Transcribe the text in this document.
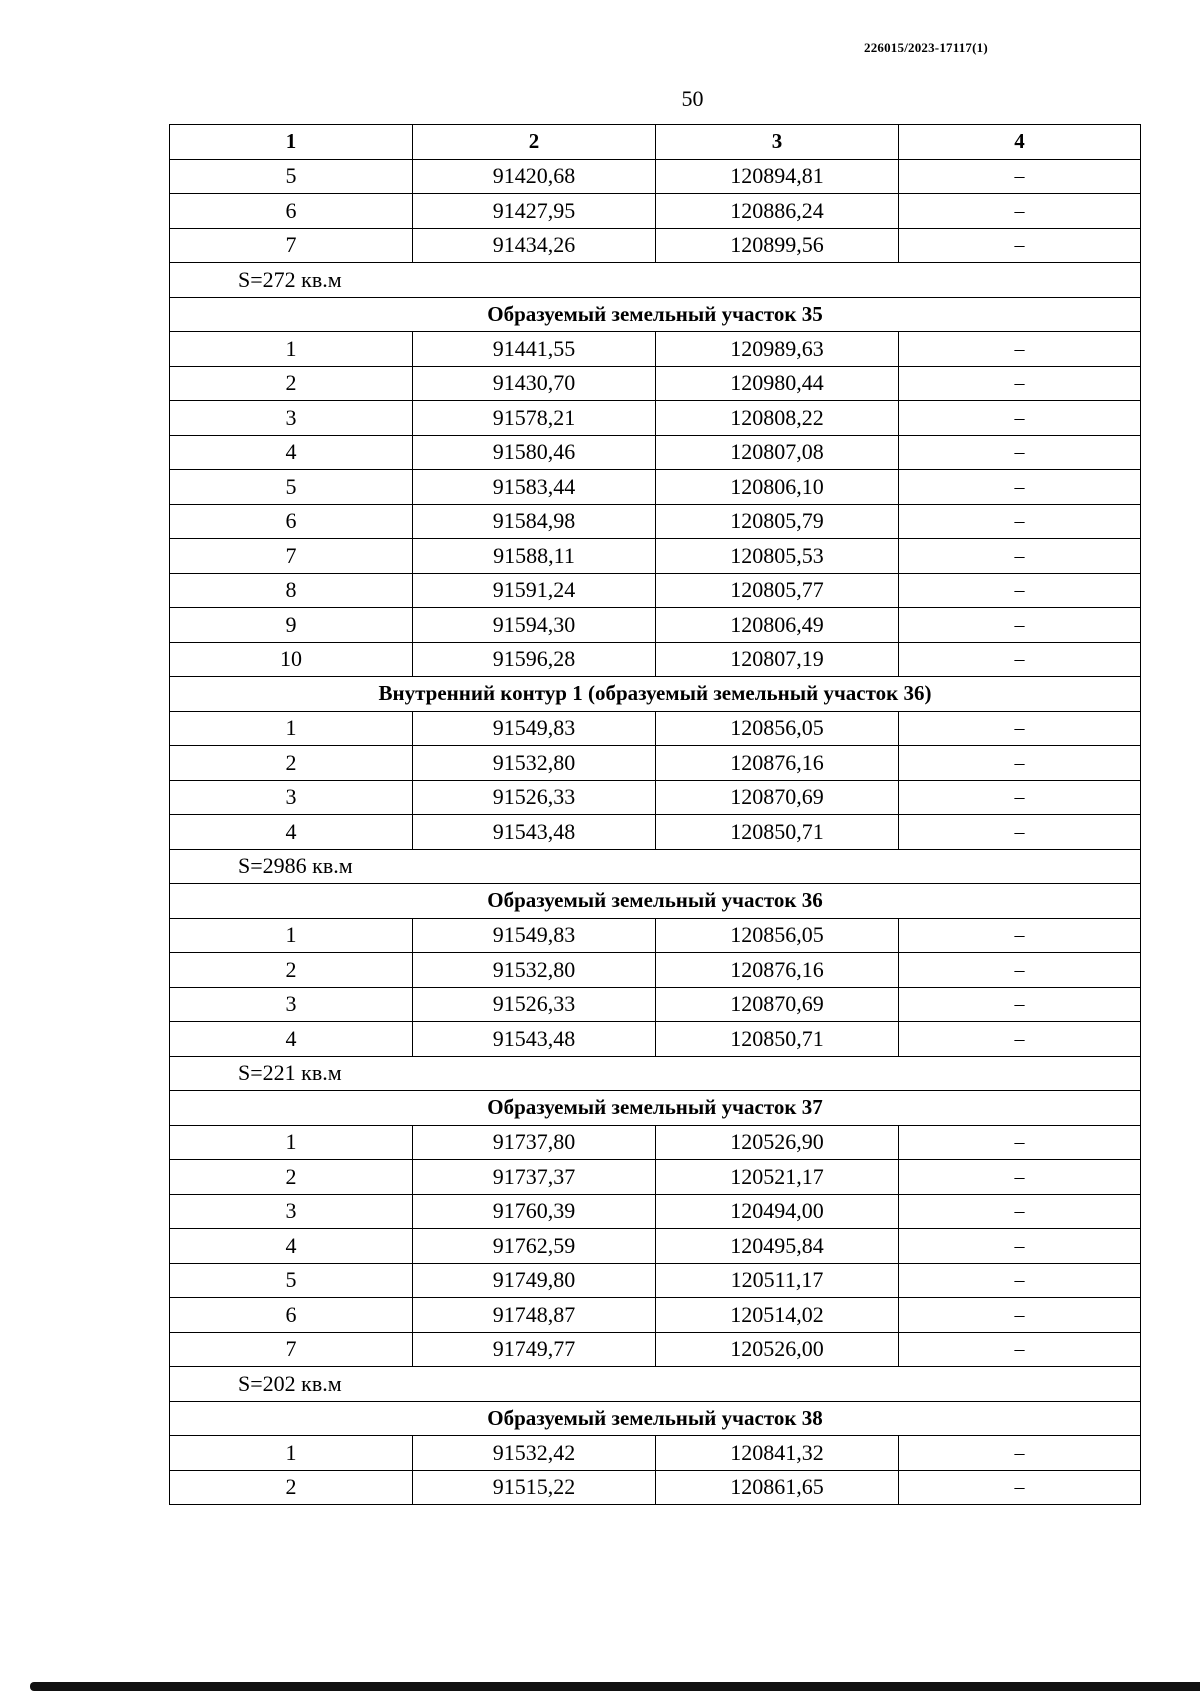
226015/2023-17117(1)
50
1	2	3	4
5	91420,68	120894,81	–
6	91427,95	120886,24	–
7	91434,26	120899,56	–
S=272 кв.м			
Образуемый земельный участок 35			
1	91441,55	120989,63	–
2	91430,70	120980,44	–
3	91578,21	120808,22	–
4	91580,46	120807,08	–
5	91583,44	120806,10	–
6	91584,98	120805,79	–
7	91588,11	120805,53	–
8	91591,24	120805,77	–
9	91594,30	120806,49	–
10	91596,28	120807,19	–
Внутренний контур 1 (образуемый земельный участок 36)			
1	91549,83	120856,05	–
2	91532,80	120876,16	–
3	91526,33	120870,69	–
4	91543,48	120850,71	–
S=2986 кв.м			
Образуемый земельный участок 36			
1	91549,83	120856,05	–
2	91532,80	120876,16	–
3	91526,33	120870,69	–
4	91543,48	120850,71	–
S=221 кв.м			
Образуемый земельный участок 37			
1	91737,80	120526,90	–
2	91737,37	120521,17	–
3	91760,39	120494,00	–
4	91762,59	120495,84	–
5	91749,80	120511,17	–
6	91748,87	120514,02	–
7	91749,77	120526,00	–
S=202 кв.м			
Образуемый земельный участок 38			
1	91532,42	120841,32	–
2	91515,22	120861,65	–
